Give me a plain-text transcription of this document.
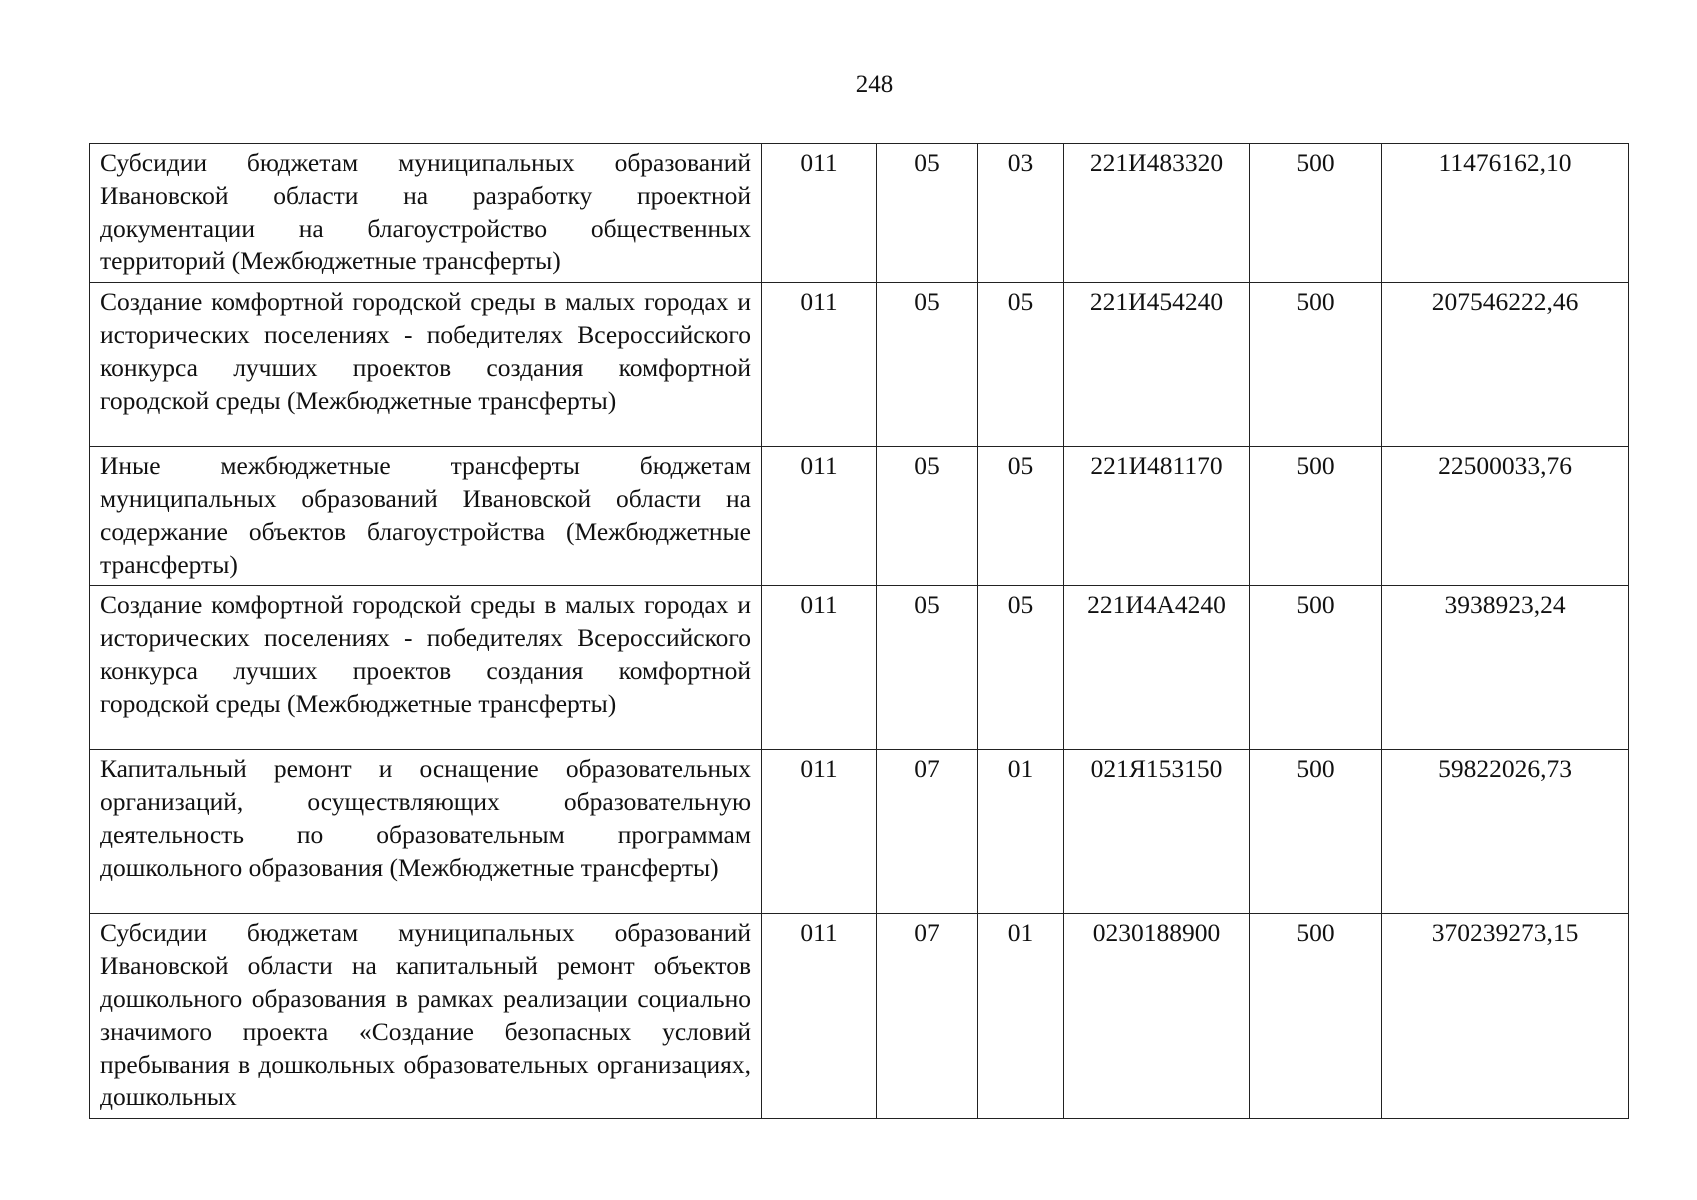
248
Субсидии бюджетам муниципальных образований Ивановской области на разработку проектной документации на благоустройство общественных территорий (Межбюджетные трансферты)	011	05	03	221И483320	500	11476162,10
Создание комфортной городской среды в малых городах и исторических поселениях - победителях Всероссийского конкурса лучших проектов создания комфортной городской среды (Межбюджетные трансферты)	011	05	05	221И454240	500	207546222,46
Иные межбюджетные трансферты бюджетам муниципальных образований Ивановской области на содержание объектов благоустройства (Межбюджетные трансферты)	011	05	05	221И481170	500	22500033,76
Создание комфортной городской среды в малых городах и исторических поселениях - победителях Всероссийского конкурса лучших проектов создания комфортной городской среды (Межбюджетные трансферты)	011	05	05	221И4А4240	500	3938923,24
Капитальный ремонт и оснащение образовательных организаций, осуществляющих образовательную деятельность по образовательным программам дошкольного образования (Межбюджетные трансферты)	011	07	01	021Я153150	500	59822026,73
Субсидии бюджетам муниципальных образований Ивановской области на капитальный ремонт объектов дошкольного образования в рамках реализации социально значимого проекта «Создание безопасных условий пребывания в дошкольных образовательных организациях, дошкольных	011	07	01	0230188900	500	370239273,15
